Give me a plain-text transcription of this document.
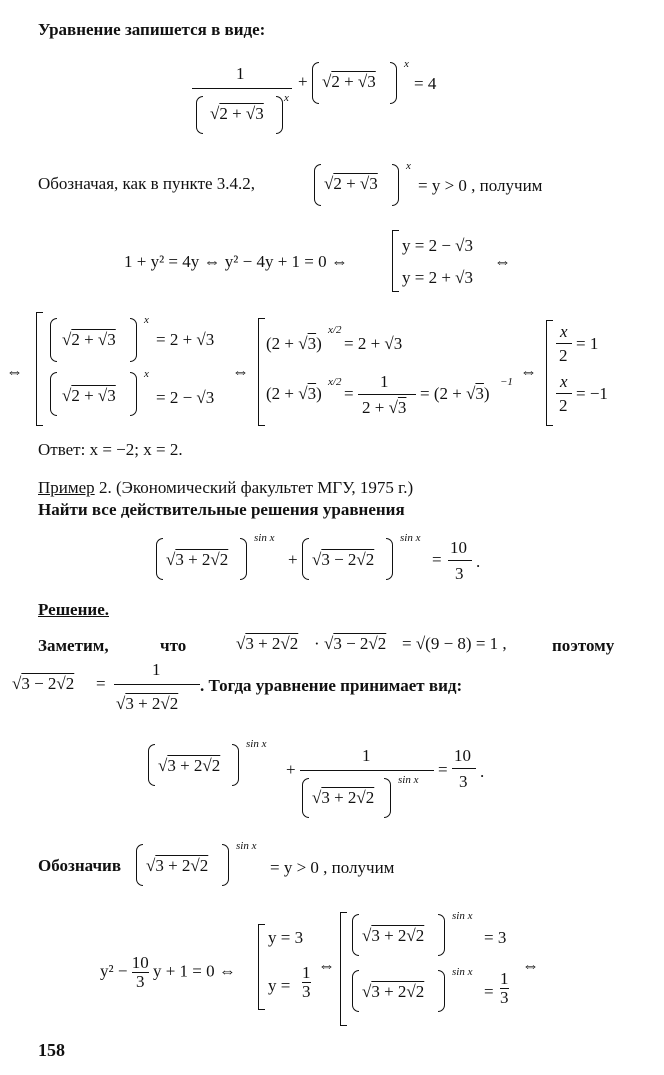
Уравнение запишется в виде:
1
√2 + √3
x
+ √2 + √3
x
= 4
Обозначая, как в пункте 3.4.2,	√2 + √3
x
= y > 0 , получим
1 + y² = 4y ⇔ y² − 4y + 1 = 0 ⇔
y = 2 − √3
y = 2 + √3
⇔
⇔
√2 + √3
x
= 2 + √3
√2 + √3
x
= 2 − √3
⇔
(2 + √3)
x/2
= 2 + √3
(2 + √3)
x/2
=
1
2 + √3
= (2 + √3)
−1
⇔
x
2
= 1
x
2
= −1
Ответ: x = −2; x = 2.
Пример 2. (Экономический факультет МГУ, 1975 г.)
Найти все действительные решения уравнения
√3 + 2√2
sin x
+ √3 − 2√2
sin x
=
10
3
.
Решение.
Заметим,	что	√3 + 2√2 · √3 − 2√2 = √(9 − 8) = 1 ,	поэтому
√3 − 2√2 =
1
√3 + 2√2
. Тогда уравнение принимает вид:
√3 + 2√2
sin x
+
1
√3 + 2√2
sin x
=
10
3
.
Обозначив √3 + 2√2
sin x
= y > 0 , получим
$y^2 - \frac{10}{3}$ y + 1 = 0 ⇔
y = 3
y =
1
3
⇔
√3 + 2√2
sin x
= 3
√3 + 2√2
sin x
=
1
3
⇔
158
